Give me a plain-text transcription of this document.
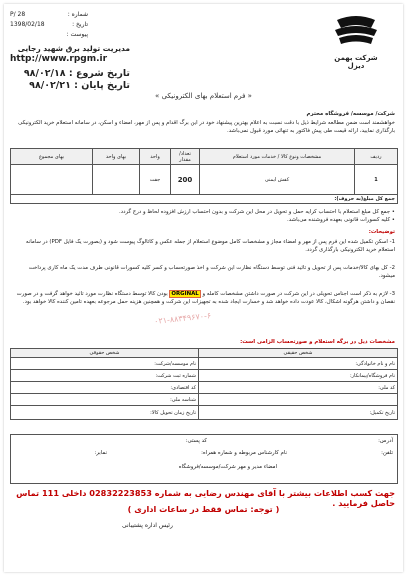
شماره :
P/ 28
تاریخ :
1398/02/18
پیوست :
مدیریت تولید برق شهید رجایی
http://www.rpgm.ir
تاریخ شروع : ۹۸/۰۲/۱۸
تاریخ پایان : ۹۸/۰۲/۲۱
شرکت بهمن دیزل
« فرم استعلام بهای الکترونیکی »
شرکت/ موسسه/ فروشگاه محترم
خواهشمند است ضمن مطالعه شرایط ذیل با دقت نسبت به اعلام بهترین پیشنهاد خود در این برگ اقدام و پس از مهر، امضاء و اسکن، در سامانه استعلام خرید الکترونیکی بارگذاری نمایید، ارائه قیمت طی پیش فاکتور به تنهائی مورد قبول نمی‌باشد.
ردیف	مشخصات ونوع کالا / خدمات مورد استعلام	تعداد/ مقدار	واحد	بهای واحد	بهای مجموع
1	کفش ایمنی	200	جفت		
جمع کل مبلغ(به حروف):					
• جمع کل مبلغ استعلام با احتساب کرایه حمل و تحویل در محل این شرکت و بدون احتساب ارزش افزوده لحاظ و درج گردد.
• کلیه کسورات قانونی بعهده فروشنده می‌باشد.
توضیحات:
1- اسکن تکمیل شده این فرم پس از مهر و امضاء مجاز و مشخصات کامل موضوع استعلام از جمله عکس و کاتالوگ پیوست شود و (بصورت یک فایل PDF) در سامانه استعلام خرید الکترونیکی بارگذاری گردد.
2- کل بهای کالا/خدمات پس از تحویل و تائید فنی توسط دستگاه نظارت این شرکت و اخذ صورتحساب و کسر کلیه کسورات قانونی طرف مدت یک ماه کاری پرداخت میشود.
3- لازم به ذکر است اجناس تحویلی در این شرکت در صورت داشتن مشخصات کامله و ORGINAL بودن کالا توسط دستگاه نظارت مورد تائید خواهد گرفت و در صورت نقصان و داشتن هرگونه اشکال، کالا عودت داده خواهد شد و خسارت ایجاد شده به تجهیزات این شرکت و همچنین هزینه حمل مرجوعه بعهده تامین کننده کالا خواهد بود.
۰۲۱-۸۸۳۴۹۶۷۰-۶
مشخصات ذیل در برگه استعلام و صورتحساب الزامی است:
شخص حقیقی	شخص حقوقی
نام و نام خانوادگی:	نام موسسه/شرکت:
نام فروشگاه/پیمانکار:	شماره ثبت شرکت:
کد ملی:	کد اقتصادی:
	شناسه ملی:
تاریخ تکمیل:	تاریخ زمان تحویل کالا:
آدرس:
کد پستی:
تلفن:
نام کارشناس مربوطه و شماره همراه:
نمابر:
امضاء مدیر و مهر شرکت/موسسه/فروشگاه
جهت کسب اطلاعات بیشتر با آقای مهندس رضایی به شماره 02832223853 داخلی 111 تماس حاصل فرمایید .
( توجه: تماس فقط در ساعات اداری )
رئیس اداره پشتیبانی
